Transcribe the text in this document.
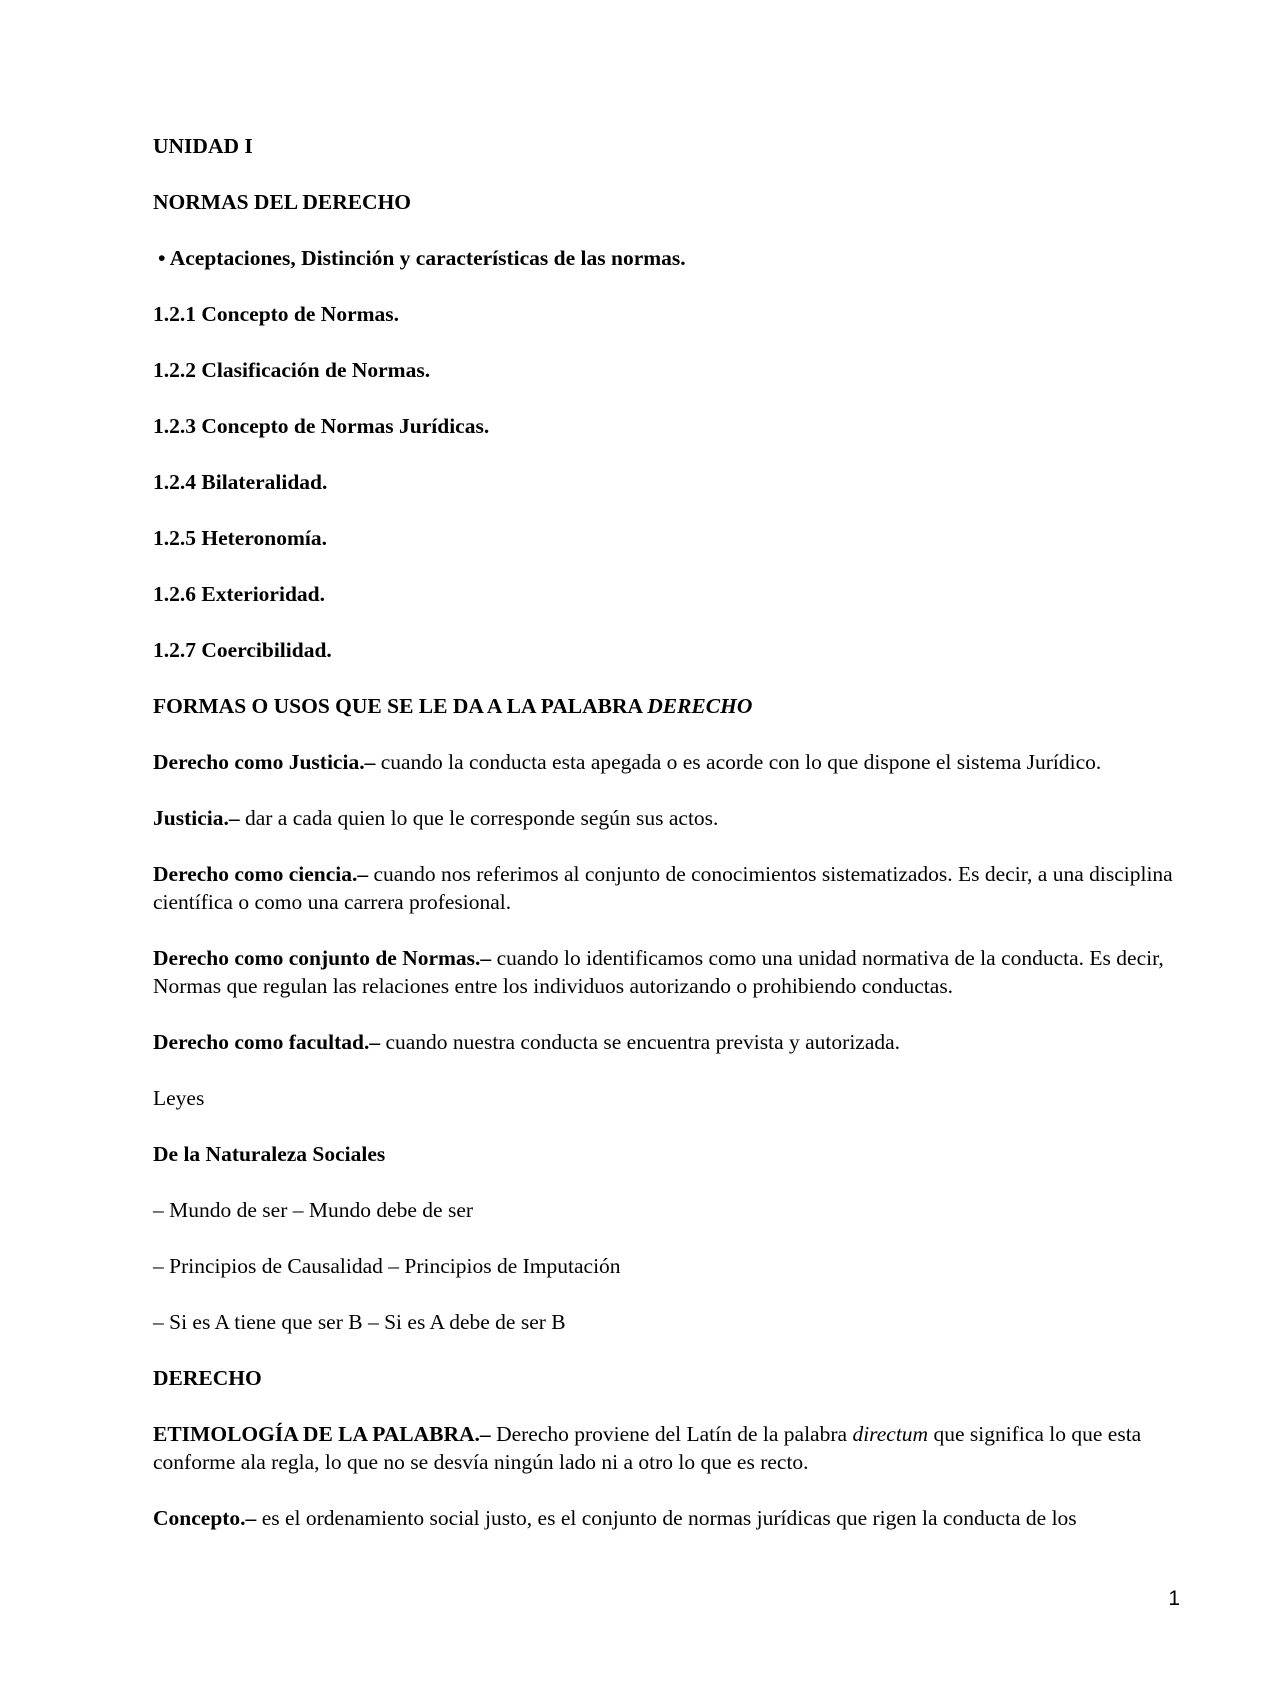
UNIDAD I

NORMAS DEL DERECHO

• Aceptaciones, Distinción y características de las normas.

1.2.1 Concepto de Normas.

1.2.2 Clasificación de Normas.

1.2.3 Concepto de Normas Jurídicas.

1.2.4 Bilateralidad.

1.2.5 Heteronomía.

1.2.6 Exterioridad.

1.2.7 Coercibilidad.

FORMAS O USOS QUE SE LE DA A LA PALABRA DERECHO

Derecho como Justicia.– cuando la conducta esta apegada o es acorde con lo que dispone el sistema Jurídico.

Justicia.– dar a cada quien lo que le corresponde según sus actos.

Derecho como ciencia.– cuando nos referimos al conjunto de conocimientos sistematizados. Es decir, a una disciplina científica o como una carrera profesional.

Derecho como conjunto de Normas.– cuando lo identificamos como una unidad normativa de la conducta. Es decir, Normas que regulan las relaciones entre los individuos autorizando o prohibiendo conductas.

Derecho como facultad.– cuando nuestra conducta se encuentra prevista y autorizada.

Leyes

De la Naturaleza Sociales

– Mundo de ser – Mundo debe de ser

– Principios de Causalidad – Principios de Imputación

– Si es A tiene que ser B – Si es A debe de ser B

DERECHO

ETIMOLOGÍA DE LA PALABRA.– Derecho proviene del Latín de la palabra directum que significa lo que esta conforme ala regla, lo que no se desvía ningún lado ni a otro lo que es recto.

Concepto.– es el ordenamiento social justo, es el conjunto de normas jurídicas que rigen la conducta de los

1
